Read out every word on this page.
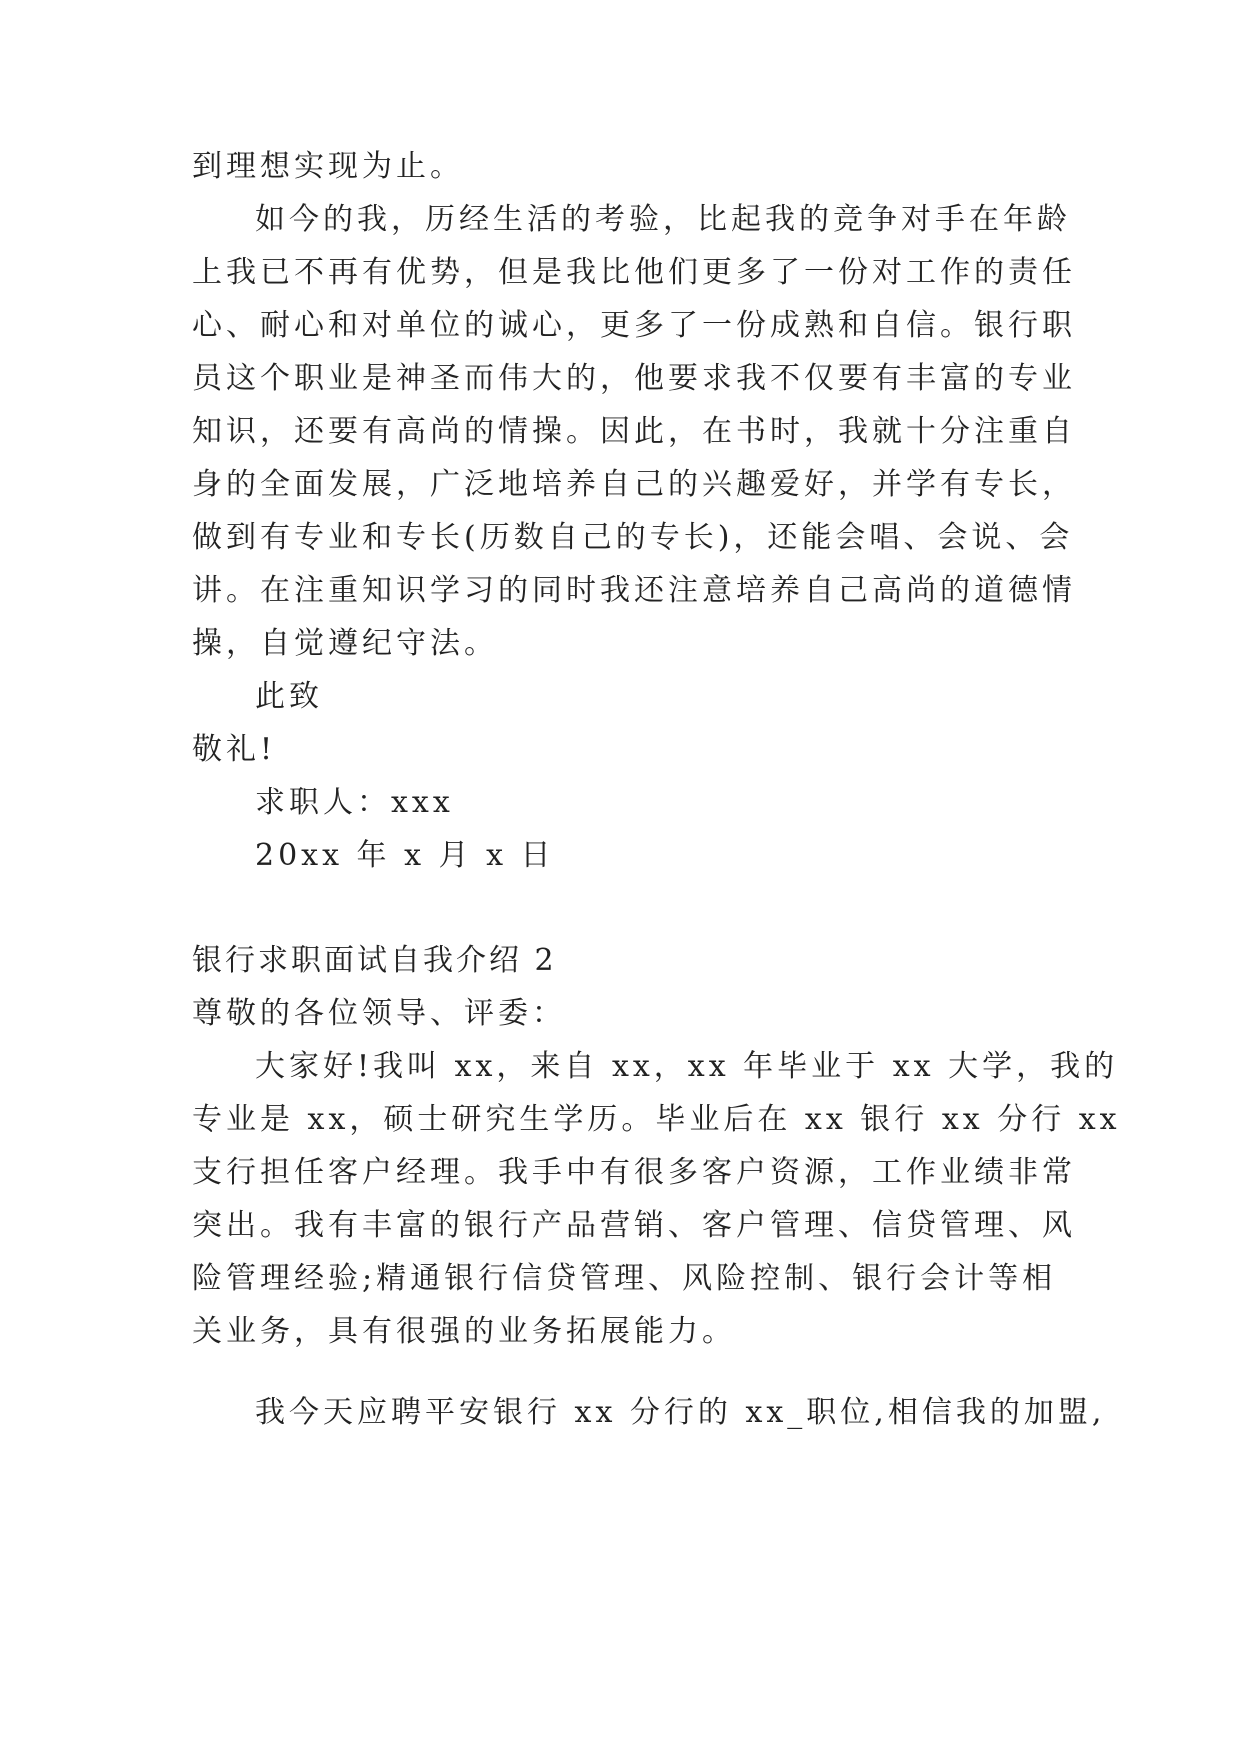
到理想实现为止。
如今的我，历经生活的考验，比起我的竞争对手在年龄
上我已不再有优势，但是我比他们更多了一份对工作的责任
心、耐心和对单位的诚心，更多了一份成熟和自信。银行职
员这个职业是神圣而伟大的，他要求我不仅要有丰富的专业
知识，还要有高尚的情操。因此，在书时，我就十分注重自
身的全面发展，广泛地培养自己的兴趣爱好，并学有专长，
做到有专业和专长(历数自己的专长)，还能会唱、会说、会
讲。在注重知识学习的同时我还注意培养自己高尚的道德情
操，自觉遵纪守法。
此致
敬礼!
求职人：xxx
20xx 年 x 月 x 日
银行求职面试自我介绍 2
尊敬的各位领导、评委：
大家好!我叫 xx，来自 xx，xx 年毕业于 xx 大学，我的
专业是 xx，硕士研究生学历。毕业后在 xx 银行 xx 分行 xx
支行担任客户经理。我手中有很多客户资源，工作业绩非常
突出。我有丰富的银行产品营销、客户管理、信贷管理、风
险管理经验;精通银行信贷管理、风险控制、银行会计等相
关业务，具有很强的业务拓展能力。
我今天应聘平安银行 xx 分行的 xx_职位,相信我的加盟,
